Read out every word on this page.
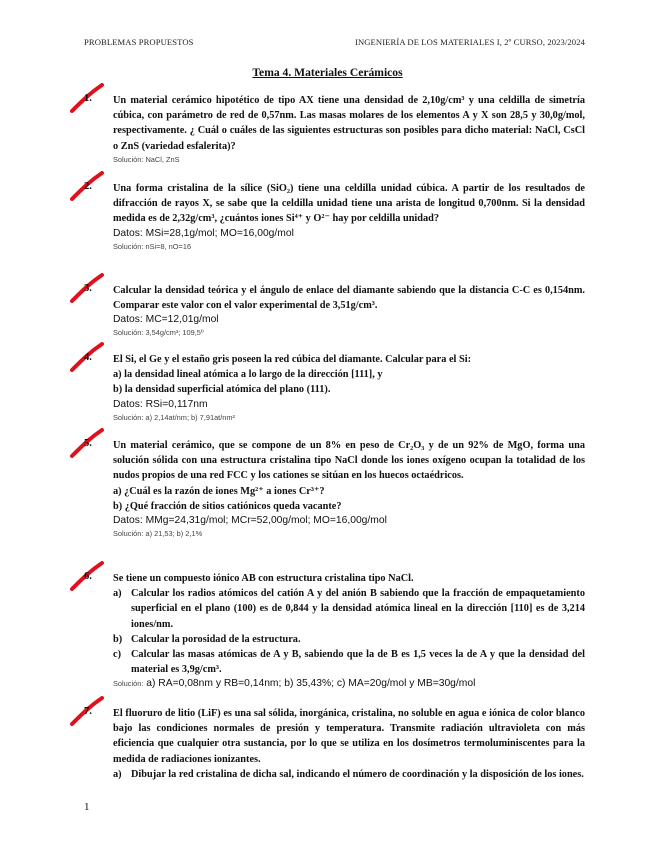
PROBLEMAS PROPUESTOS	INGENIERÍA DE LOS MATERIALES I, 2º CURSO, 2023/2024
Tema 4. Materiales Cerámicos
1. Un material cerámico hipotético de tipo AX tiene una densidad de 2,10g/cm³ y una celdilla de simetría cúbica, con parámetro de red de 0,57nm. Las masas molares de los elementos A y X son 28,5 y 30,0g/mol, respectivamente. ¿ Cuál o cuáles de las siguientes estructuras son posibles para dicho material: NaCl, CsCl o ZnS (variedad esfalerita)?
Solución: NaCl, ZnS
2. Una forma cristalina de la sílice (SiO₂) tiene una celdilla unidad cúbica. A partir de los resultados de difracción de rayos X, se sabe que la celdilla unidad tiene una arista de longitud 0,700nm. Si la densidad medida es de 2,32g/cm³, ¿cuántos iones Si⁴⁺ y O²⁻ hay por celdilla unidad?
Datos: MSi=28,1g/mol; MO=16,00g/mol
Solución: nSi=8, nO=16
3. Calcular la densidad teórica y el ángulo de enlace del diamante sabiendo que la distancia C-C es 0,154nm. Comparar este valor con el valor experimental de 3,51g/cm³.
Datos: MC=12,01g/mol
Solución: 3,54g/cm³; 109,5º
4. El Si, el Ge y el estaño gris poseen la red cúbica del diamante. Calcular para el Si:
a) la densidad lineal atómica a lo largo de la dirección [111], y
b) la densidad superficial atómica del plano (111).
Datos: RSi=0,117nm
Solución: a) 2,14at/nm; b) 7,91at/nm²
5. Un material cerámico, que se compone de un 8% en peso de Cr₂O₃ y de un 92% de MgO, forma una solución sólida con una estructura cristalina tipo NaCl donde los iones oxígeno ocupan la totalidad de los nudos propios de una red FCC y los cationes se sitúan en los huecos octaédricos.
a) ¿Cuál es la razón de iones Mg²⁺ a iones Cr³⁺?
b) ¿Qué fracción de sitios catiónicos queda vacante?
Datos: MMg=24,31g/mol; MCr=52,00g/mol; MO=16,00g/mol
Solución: a) 21,53; b) 2,1%
6. Se tiene un compuesto iónico AB con estructura cristalina tipo NaCl.
a) Calcular los radios atómicos del catión A y del anión B sabiendo que la fracción de empaquetamiento superficial en el plano (100) es de 0,844 y la densidad atómica lineal en la dirección [110] es de 3,214 iones/nm.
b) Calcular la porosidad de la estructura.
c) Calcular las masas atómicas de A y B, sabiendo que la de B es 1,5 veces la de A y que la densidad del material es 3,9g/cm³.
Solución: a) RA=0,08nm y RB=0,14nm; b) 35,43%; c) MA=20g/mol y MB=30g/mol
7. El fluoruro de litio (LiF) es una sal sólida, inorgánica, cristalina, no soluble en agua e iónica de color blanco bajo las condiciones normales de presión y temperatura. Transmite radiación ultravioleta con más eficiencia que cualquier otra sustancia, por lo que se utiliza en los dosímetros termoluminiscentes para la medida de radiaciones ionizantes.
a) Dibujar la red cristalina de dicha sal, indicando el número de coordinación y la disposición de los iones.
1
